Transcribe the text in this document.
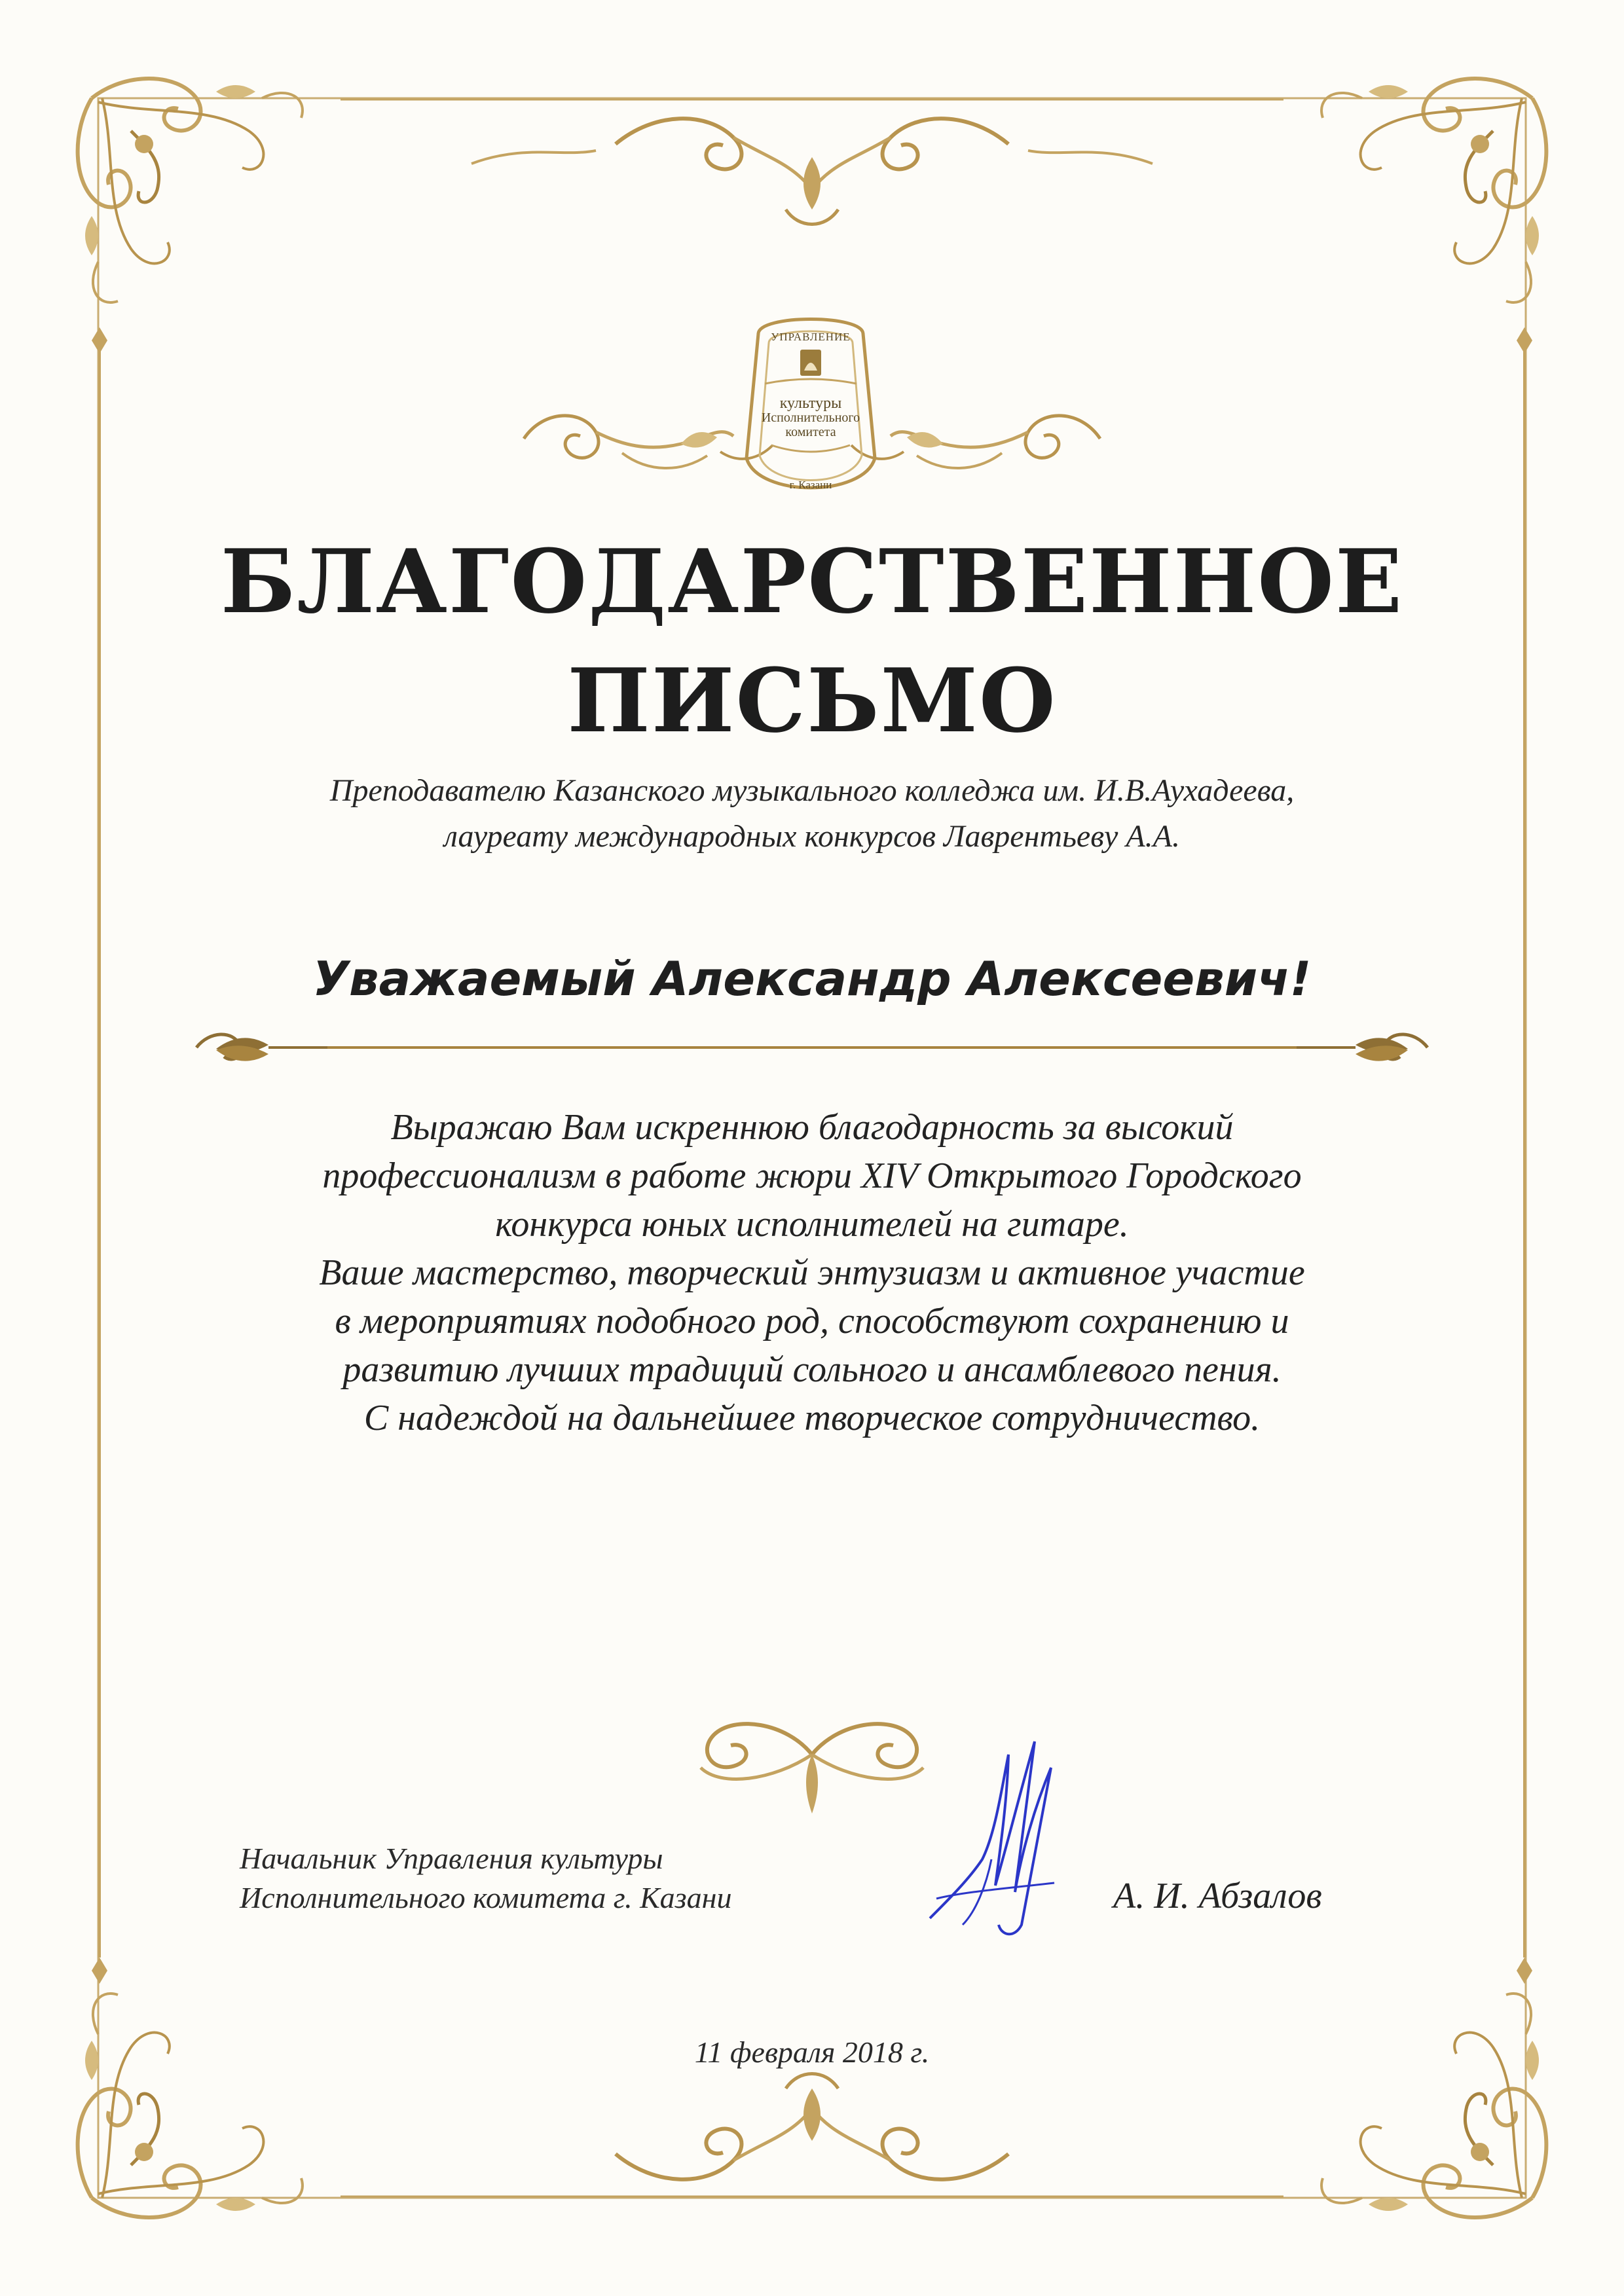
УПРАВЛЕНИЕ
культуры
Исполнительного
комитета
г. Казани
БЛАГОДАРСТВЕННОЕ
ПИСЬМО
Преподавателю Казанского музыкального колледжа им. И.В.Аухадеева,
лауреату международных конкурсов Лаврентьеву А.А.
Уважаемый Александр Алексеевич!
Выражаю Вам искреннюю благодарность за высокий
профессионализм в работе жюри XIV Открытого Городского
конкурса юных исполнителей на гитаре.
Ваше мастерство, творческий энтузиазм и активное участие
в мероприятиях подобного род, способствуют сохранению и
развитию лучших традиций сольного и ансамблевого пения.
С надеждой на дальнейшее творческое сотрудничество.
Начальник Управления культуры
Исполнительного комитета г. Казани	А. И. Абзалов
11 февраля 2018 г.
